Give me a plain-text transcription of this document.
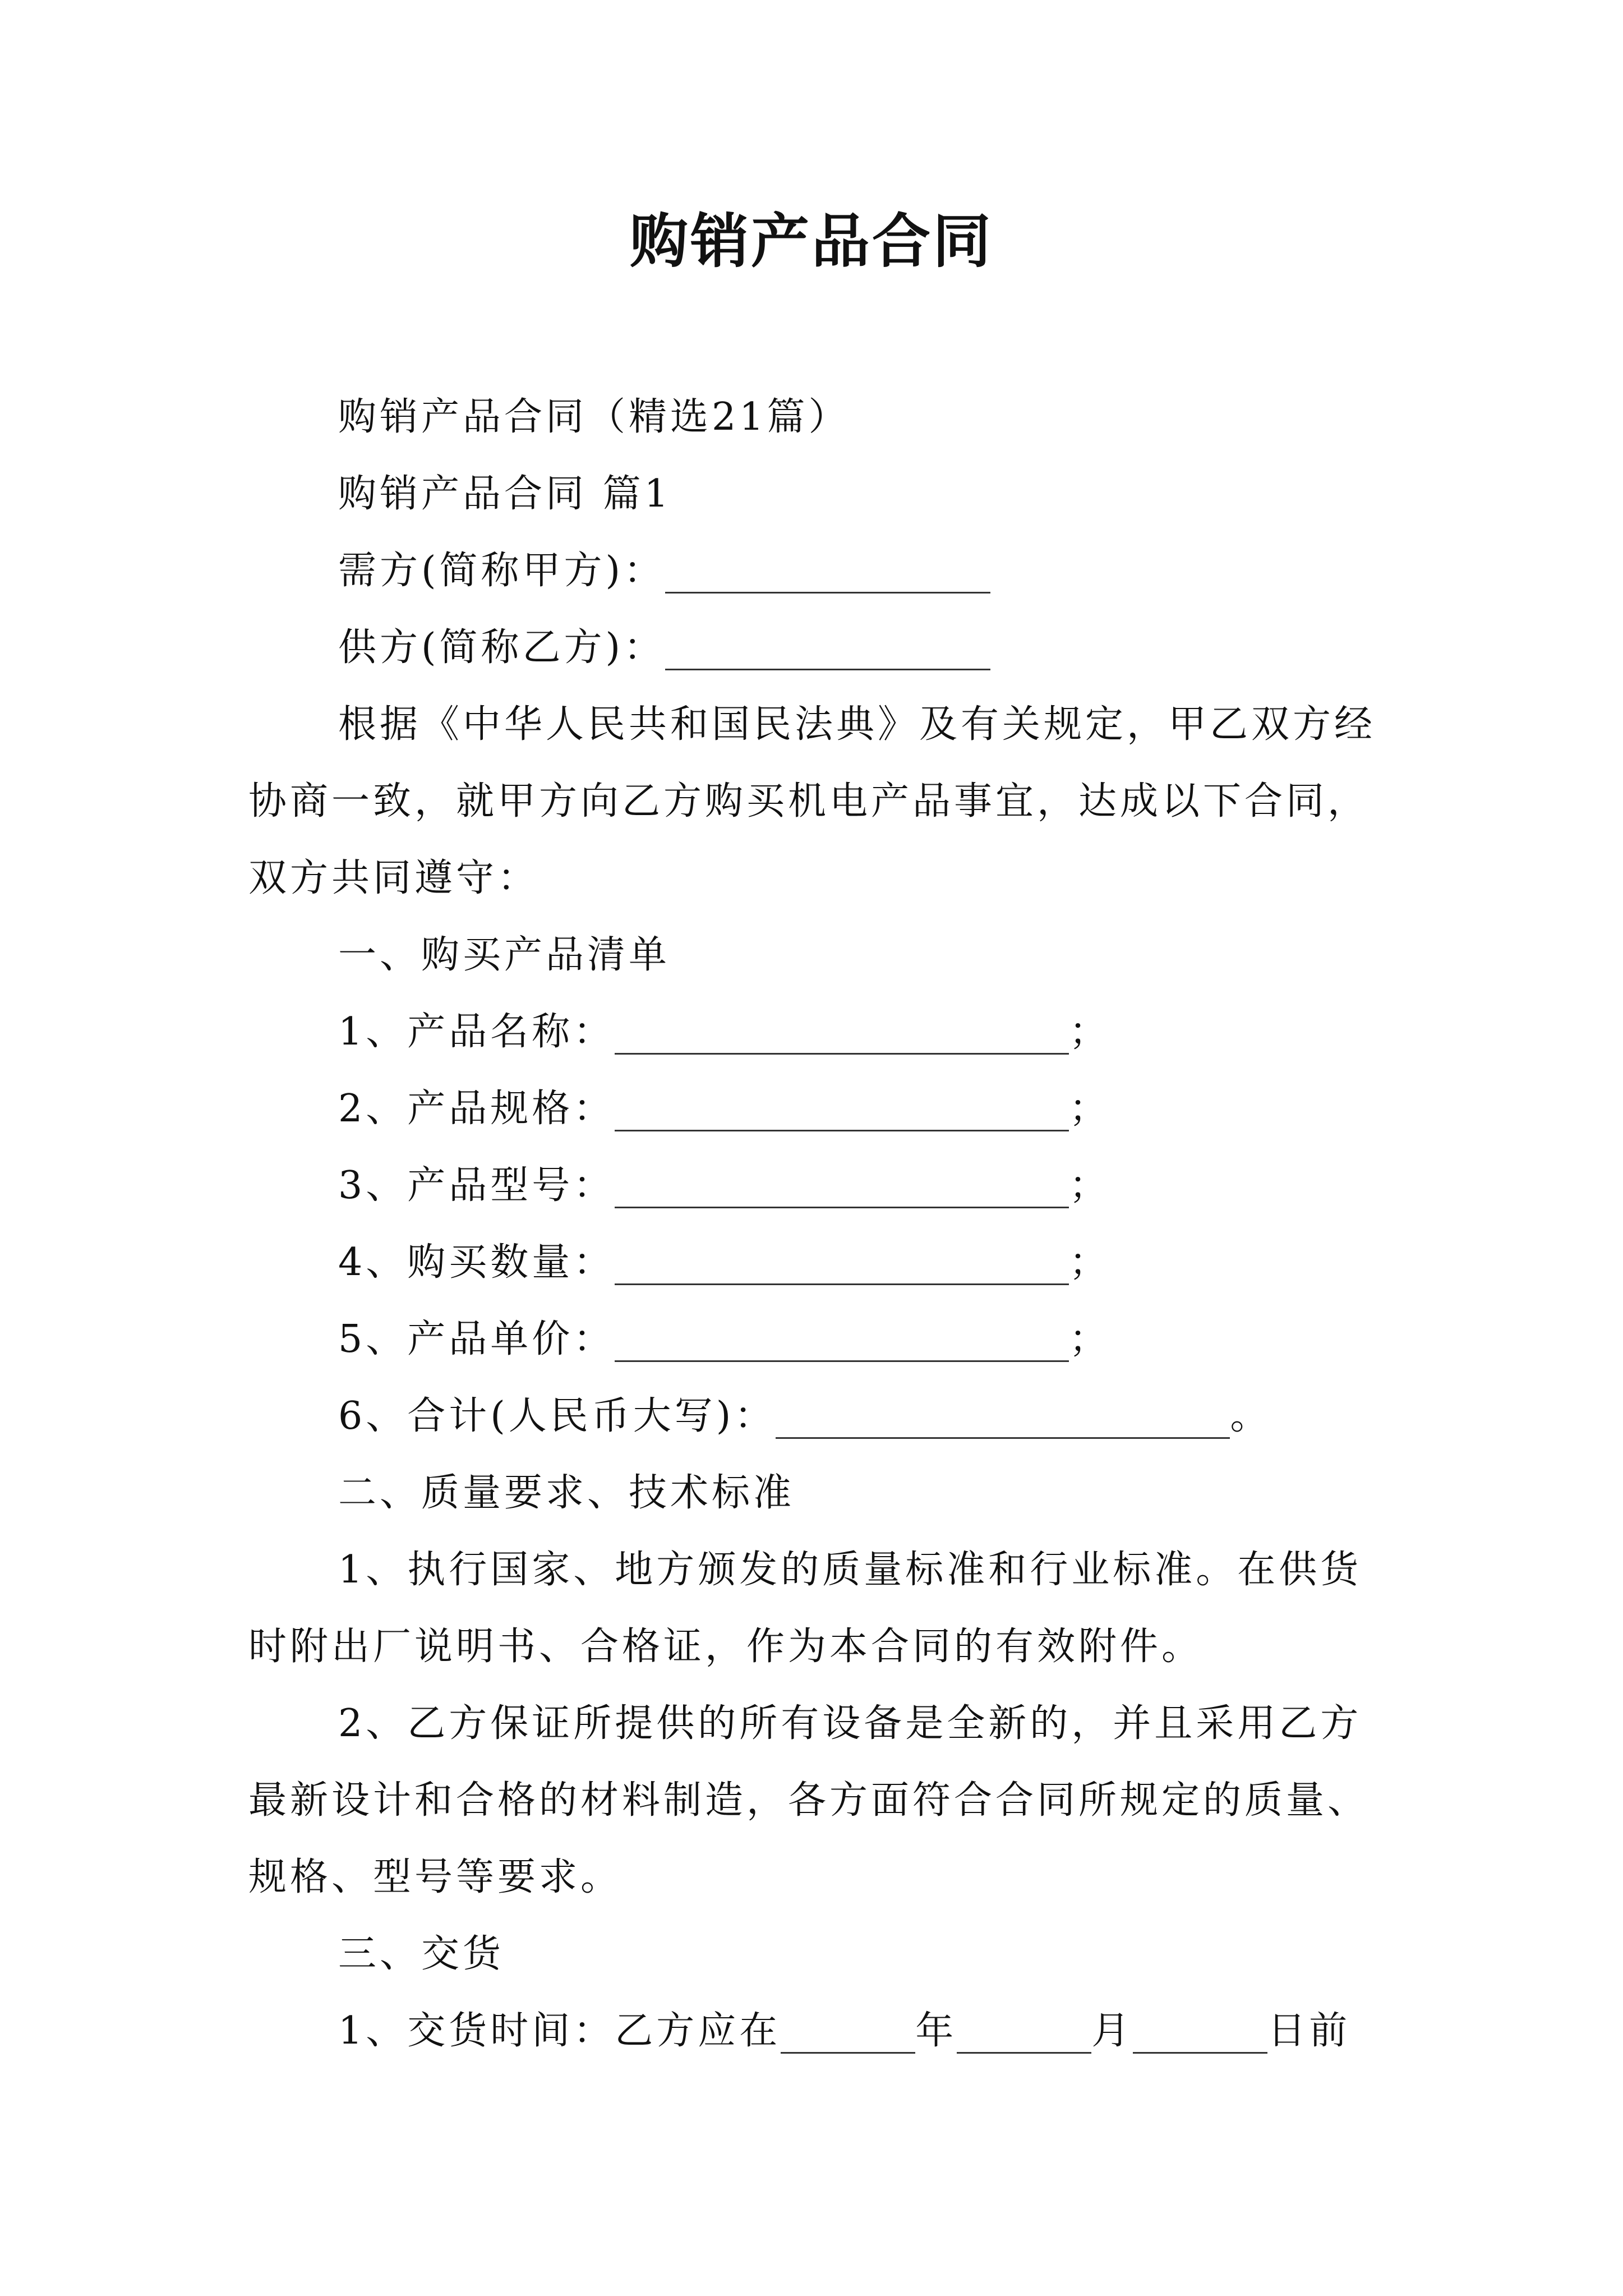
购销产品合同

购销产品合同（精选21篇）

购销产品合同 篇1

需方(简称甲方)：

供方(简称乙方)：

根据《中华人民共和国民法典》及有关规定，甲乙双方经协商一致，就甲方向乙方购买机电产品事宜，达成以下合同，双方共同遵守：

一、购买产品清单

1、产品名称：	；

2、产品规格：	；

3、产品型号：	；

4、购买数量：	；

5、产品单价：	；

6、合计(人民币大写)：	。

二、质量要求、技术标准

1、执行国家、地方颁发的质量标准和行业标准。在供货时附出厂说明书、合格证，作为本合同的有效附件。

2、乙方保证所提供的所有设备是全新的，并且采用乙方最新设计和合格的材料制造，各方面符合合同所规定的质量、规格、型号等要求。

三、交货

1、交货时间：乙方应在	年	月	日前
